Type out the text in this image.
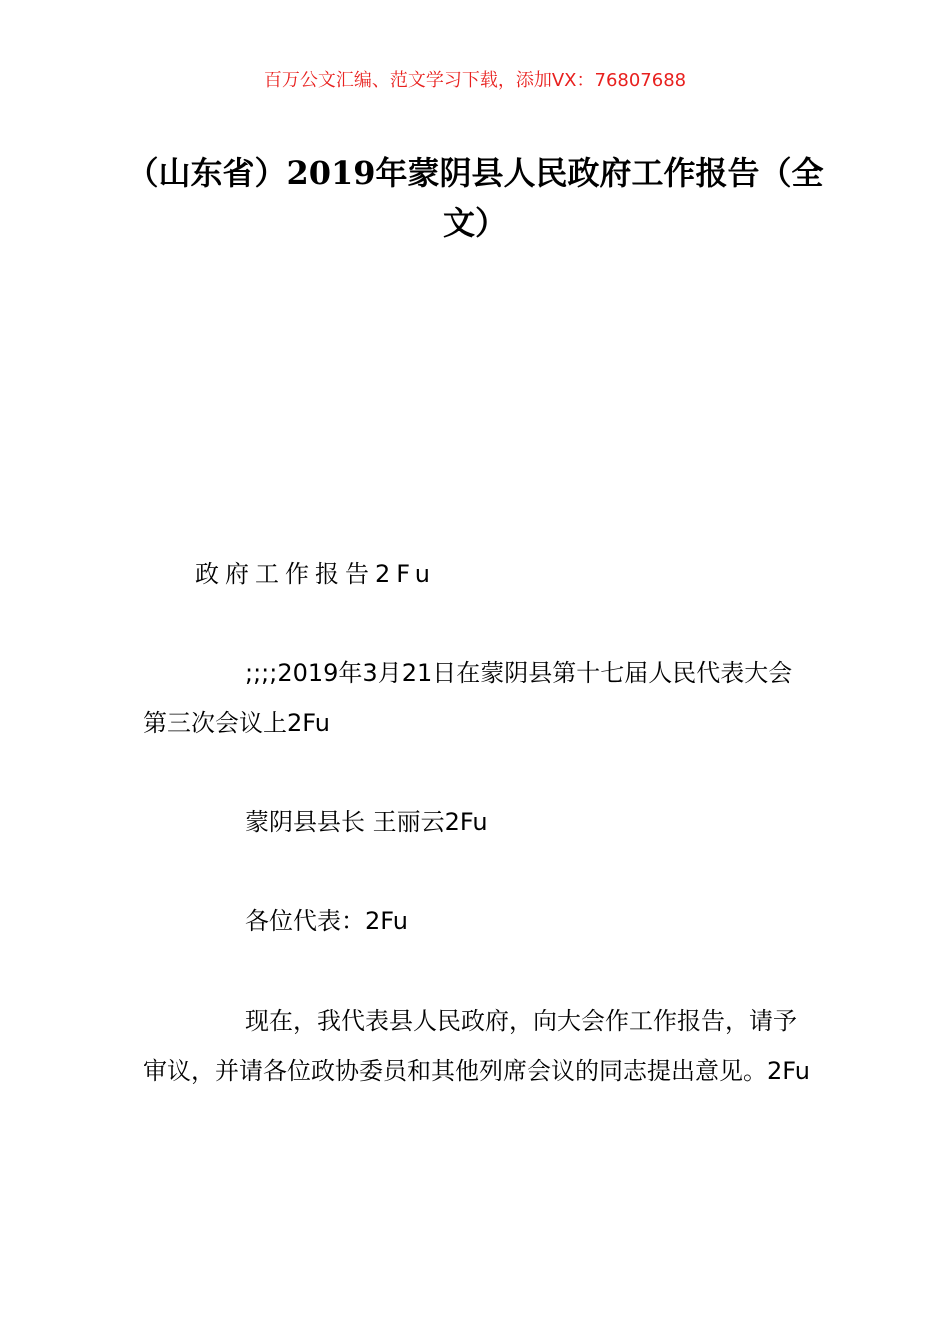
百万公文汇编、范文学习下载，添加VX：76807688
（山东省）2019年蒙阴县人民政府工作报告（全文）
政府工作报告2Fu
;;;;2019年3月21日在蒙阴县第十七届人民代表大会第三次会议上2Fu
蒙阴县县长 王丽云2Fu
各位代表：2Fu
现在，我代表县人民政府，向大会作工作报告，请予审议，并请各位政协委员和其他列席会议的同志提出意见。2Fu
